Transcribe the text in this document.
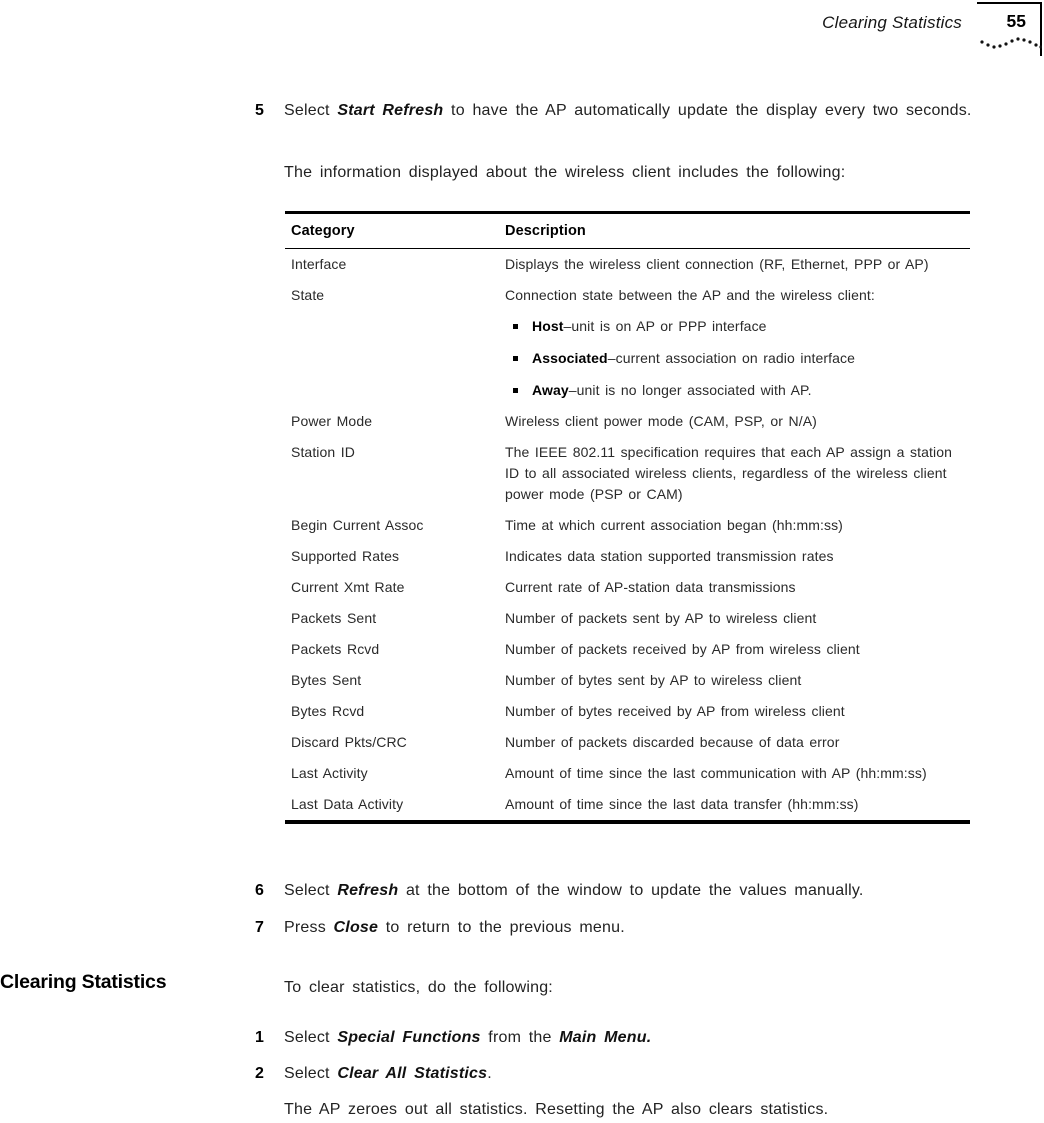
Clearing Statistics	55
5 Select Start Refresh to have the AP automatically update the display every two seconds.
The information displayed about the wireless client includes the following:
Category	Description
Interface	Displays the wireless client connection (RF, Ethernet, PPP or AP)
State	Connection state between the AP and the wireless client:
Host–unit is on AP or PPP interface
Associated–current association on radio interface
Away–unit is no longer associated with AP.
Power Mode	Wireless client power mode (CAM, PSP, or N/A)
Station ID	The IEEE 802.11 specification requires that each AP assign a station ID to all associated wireless clients, regardless of the wireless client power mode (PSP or CAM)
Begin Current Assoc	Time at which current association began (hh:mm:ss)
Supported Rates	Indicates data station supported transmission rates
Current Xmt Rate	Current rate of AP-station data transmissions
Packets Sent	Number of packets sent by AP to wireless client
Packets Rcvd	Number of packets received by AP from wireless client
Bytes Sent	Number of bytes sent by AP to wireless client
Bytes Rcvd	Number of bytes received by AP from wireless client
Discard Pkts/CRC	Number of packets discarded because of data error
Last Activity	Amount of time since the last communication with AP (hh:mm:ss)
Last Data Activity	Amount of time since the last data transfer (hh:mm:ss)
6 Select Refresh at the bottom of the window to update the values manually.
7 Press Close to return to the previous menu.
Clearing Statistics	To clear statistics, do the following:
1 Select Special Functions from the Main Menu.
2 Select Clear All Statistics.
The AP zeroes out all statistics. Resetting the AP also clears statistics.
